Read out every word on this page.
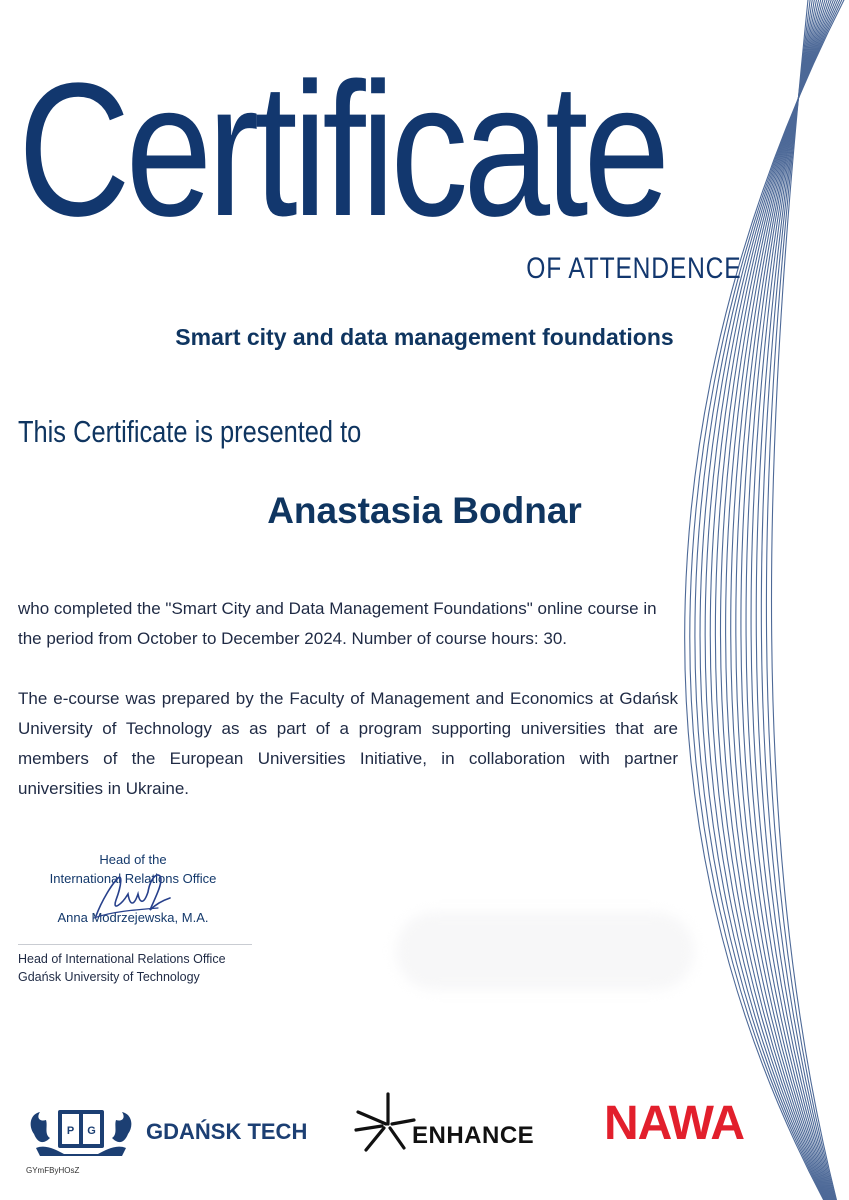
Certificate
OF ATTENDENCE
Smart city and data management foundations
This Certificate is presented to
Anastasia Bodnar
who completed the "Smart City and Data Management Foundations" online course in the period from October to December 2024. Number of course hours: 30.
The e-course was prepared by the Faculty of Management and Economics at Gdańsk University of Technology as as part of a program supporting universities that are members of the European Universities Initiative, in collaboration with partner universities in Ukraine.
Head of the
International Relations Office
Anna Modrzejewska, M.A.
Head of International Relations Office
Gdańsk University of Technology
P G GDAŃSK TECH	ENHANCE NAWA
GYmFByHOsZ
